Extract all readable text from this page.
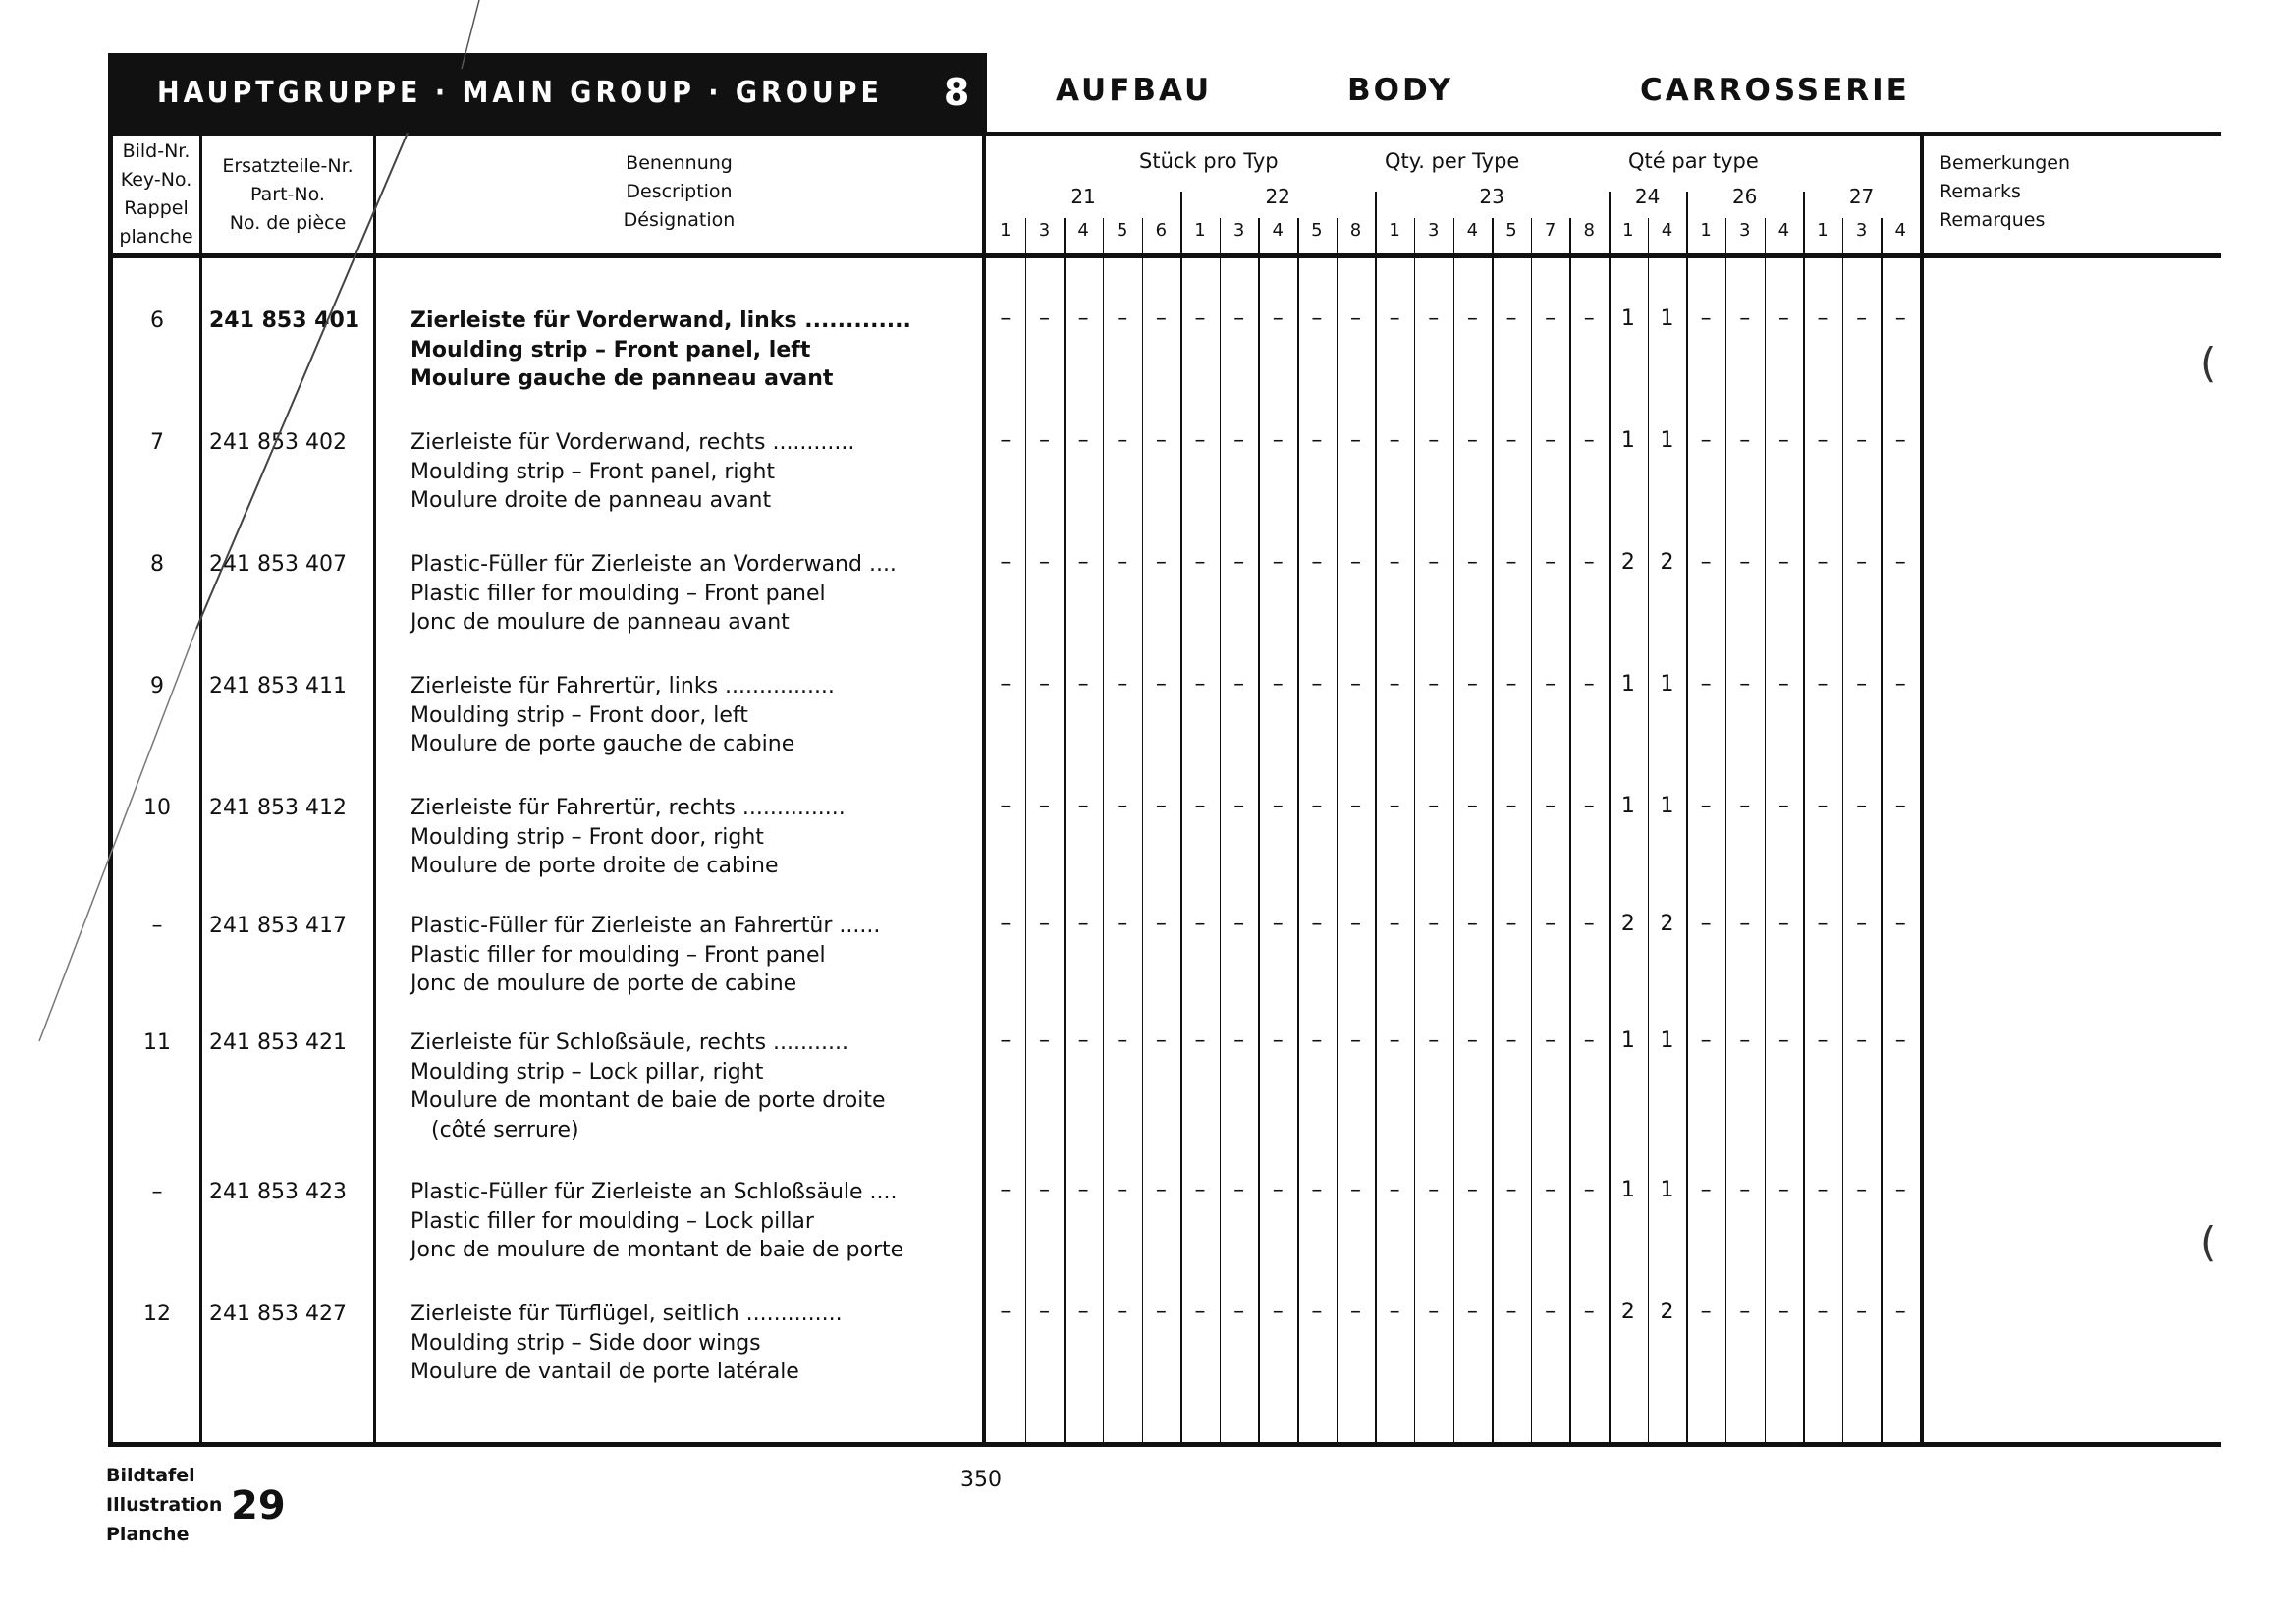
HAUPTGRUPPE · MAIN GROUP · GROUPE 8	AUFBAU	BODY	CARROSSERIE
Bild-Nr.
Key-No.
Rappel
planche
Ersatzteile-Nr.
Part-No.
No. de pièce
Benennung
Description
Désignation
Stück pro Typ	Qty. per Type	Qté par type	Bemerkungen
Remarks
Remarques
21	22	23	24	26	27
1	3	4	5	6	1	3	4	5	8	1	3	4	5	7	8	1	4	1	3	4	1	3	4
6	241 853 401 Zierleiste für Vorderwand, links .............
Moulding strip – Front panel, left
Moulure gauche de panneau avant
–	–	–	–	–	–	–	–	–	–	–	–	–	–	–	–	1	1	–	–	–	–	–	–
7	241 853 402	Zierleiste für Vorderwand, rechts ............
Moulding strip – Front panel, right
Moulure droite de panneau avant
–	–	–	–	–	–	–	–	–	–	–	–	–	–	–	–	1	1	–	–	–	–	–	–
8	241 853 407	Plastic-Füller für Zierleiste an Vorderwand ....
Plastic filler for moulding – Front panel
Jonc de moulure de panneau avant
–	–	–	–	–	–	–	–	–	–	–	–	–	–	–	–	2	2	–	–	–	–	–	–
9	241 853 411	Zierleiste für Fahrertür, links ................
Moulding strip – Front door, left
Moulure de porte gauche de cabine
–	–	–	–	–	–	–	–	–	–	–	–	–	–	–	–	1	1	–	–	–	–	–	–
10	241 853 412	Zierleiste für Fahrertür, rechts ...............
Moulding strip – Front door, right
Moulure de porte droite de cabine
–	–	–	–	–	–	–	–	–	–	–	–	–	–	–	–	1	1	–	–	–	–	–	–
–	241 853 417	Plastic-Füller für Zierleiste an Fahrertür ......
Plastic filler for moulding – Front panel
Jonc de moulure de porte de cabine
–	–	–	–	–	–	–	–	–	–	–	–	–	–	–	–	2	2	–	–	–	–	–	–
11	241 853 421	Zierleiste für Schloßsäule, rechts ...........
Moulding strip – Lock pillar, right
Moulure de montant de baie de porte droite
(côté serrure)
–	–	–	–	–	–	–	–	–	–	–	–	–	–	–	–	1	1	–	–	–	–	–	–
–	241 853 423	Plastic-Füller für Zierleiste an Schloßsäule ....
Plastic filler for moulding – Lock pillar
Jonc de moulure de montant de baie de porte
–	–	–	–	–	–	–	–	–	–	–	–	–	–	–	–	1	1	–	–	–	–	–	–
12	241 853 427	Zierleiste für Türflügel, seitlich ..............
Moulding strip – Side door wings
Moulure de vantail de porte latérale
–	–	–	–	–	–	–	–	–	–	–	–	–	–	–	–	2	2	–	–	–	–	–	–
Bildtafel
Illustration
Planche
29
350
(
(
